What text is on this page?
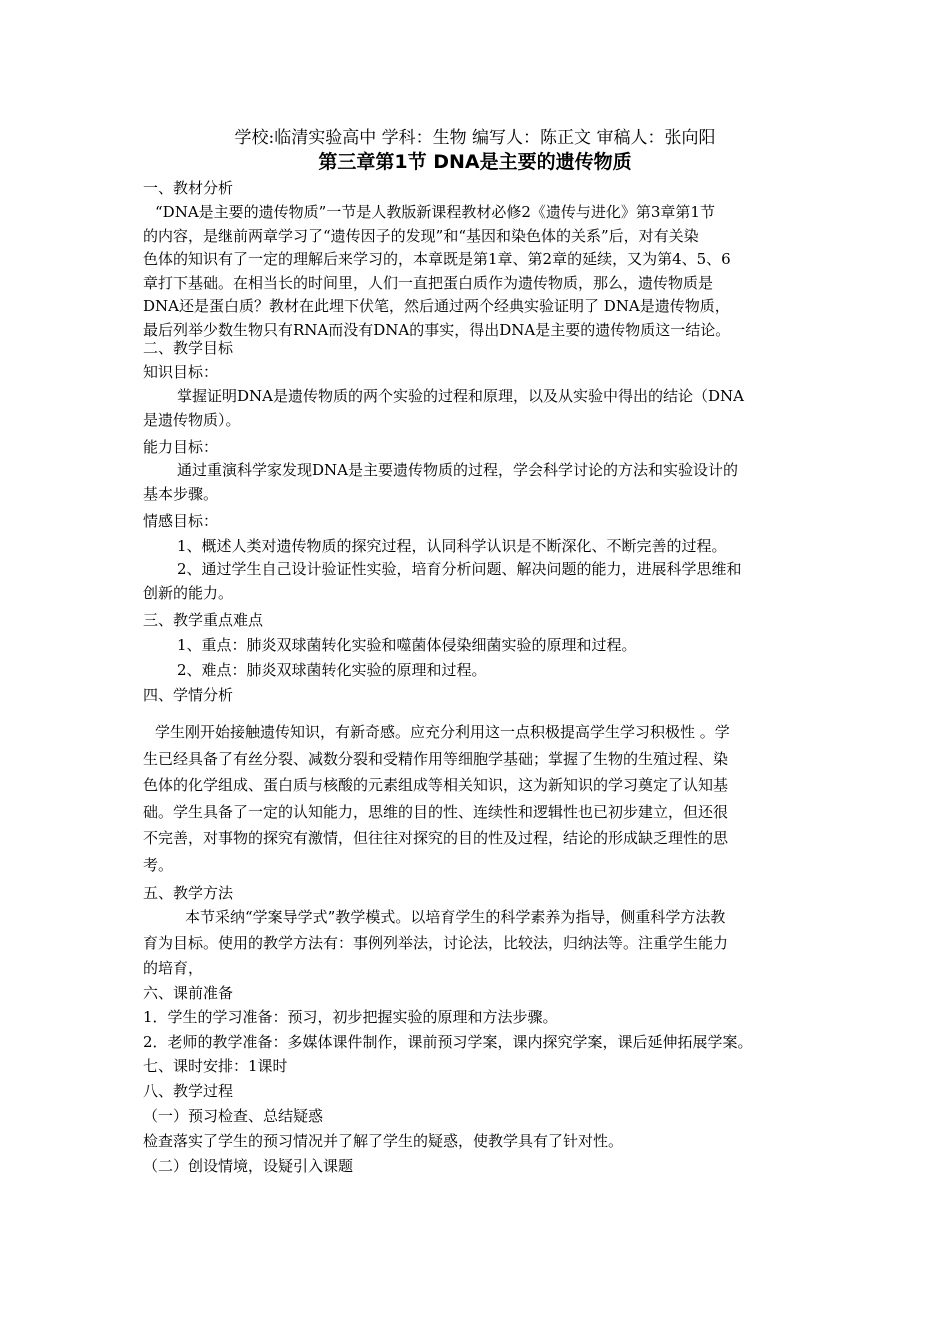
学校:临清实验高中 学科：生物 编写人：陈正文 审稿人：张向阳
第三章第1节 DNA是主要的遗传物质
一、教材分析
“DNA是主要的遗传物质”一节是人教版新课程教材必修2《遗传与进化》第3章第1节
的内容，是继前两章学习了“遗传因子的发现”和“基因和染色体的关系”后，对有关染
色体的知识有了一定的理解后来学习的，本章既是第1章、第2章的延续，又为第4、5、6
章打下基础。在相当长的时间里，人们一直把蛋白质作为遗传物质，那么，遗传物质是
DNA还是蛋白质？教材在此埋下伏笔，然后通过两个经典实验证明了 DNA是遗传物质，
最后列举少数生物只有RNA而没有DNA的事实，得出DNA是主要的遗传物质这一结论。
二、教学目标
知识目标：
掌握证明DNA是遗传物质的两个实验的过程和原理，以及从实验中得出的结论（DNA
是遗传物质）。
能力目标：
通过重演科学家发现DNA是主要遗传物质的过程，学会科学讨论的方法和实验设计的
基本步骤。
情感目标：
1、概述人类对遗传物质的探究过程，认同科学认识是不断深化、不断完善的过程。
2、通过学生自己设计验证性实验，培育分析问题、解决问题的能力，进展科学思维和
创新的能力。
三、教学重点难点
1、重点：肺炎双球菌转化实验和噬菌体侵染细菌实验的原理和过程。
2、难点：肺炎双球菌转化实验的原理和过程。
四、学情分析
学生刚开始接触遗传知识，有新奇感。应充分利用这一点积极提高学生学习积极性 。学
生已经具备了有丝分裂、减数分裂和受精作用等细胞学基础；掌握了生物的生殖过程、染
色体的化学组成、蛋白质与核酸的元素组成等相关知识，这为新知识的学习奠定了认知基
础。学生具备了一定的认知能力，思维的目的性、连续性和逻辑性也已初步建立，但还很
不完善，对事物的探究有激情，但往往对探究的目的性及过程，结论的形成缺乏理性的思
考。
五、教学方法
本节采纳“学案导学式”教学模式。以培育学生的科学素养为指导，侧重科学方法教
育为目标。使用的教学方法有：事例列举法，讨论法，比较法，归纳法等。注重学生能力
的培育，
六、课前准备
1．学生的学习准备：预习，初步把握实验的原理和方法步骤。
2．老师的教学准备：多媒体课件制作，课前预习学案，课内探究学案，课后延伸拓展学案。
七、课时安排：1课时
八、教学过程
（一）预习检查、总结疑惑
检查落实了学生的预习情况并了解了学生的疑惑，使教学具有了针对性。
（二）创设情境，设疑引入课题
